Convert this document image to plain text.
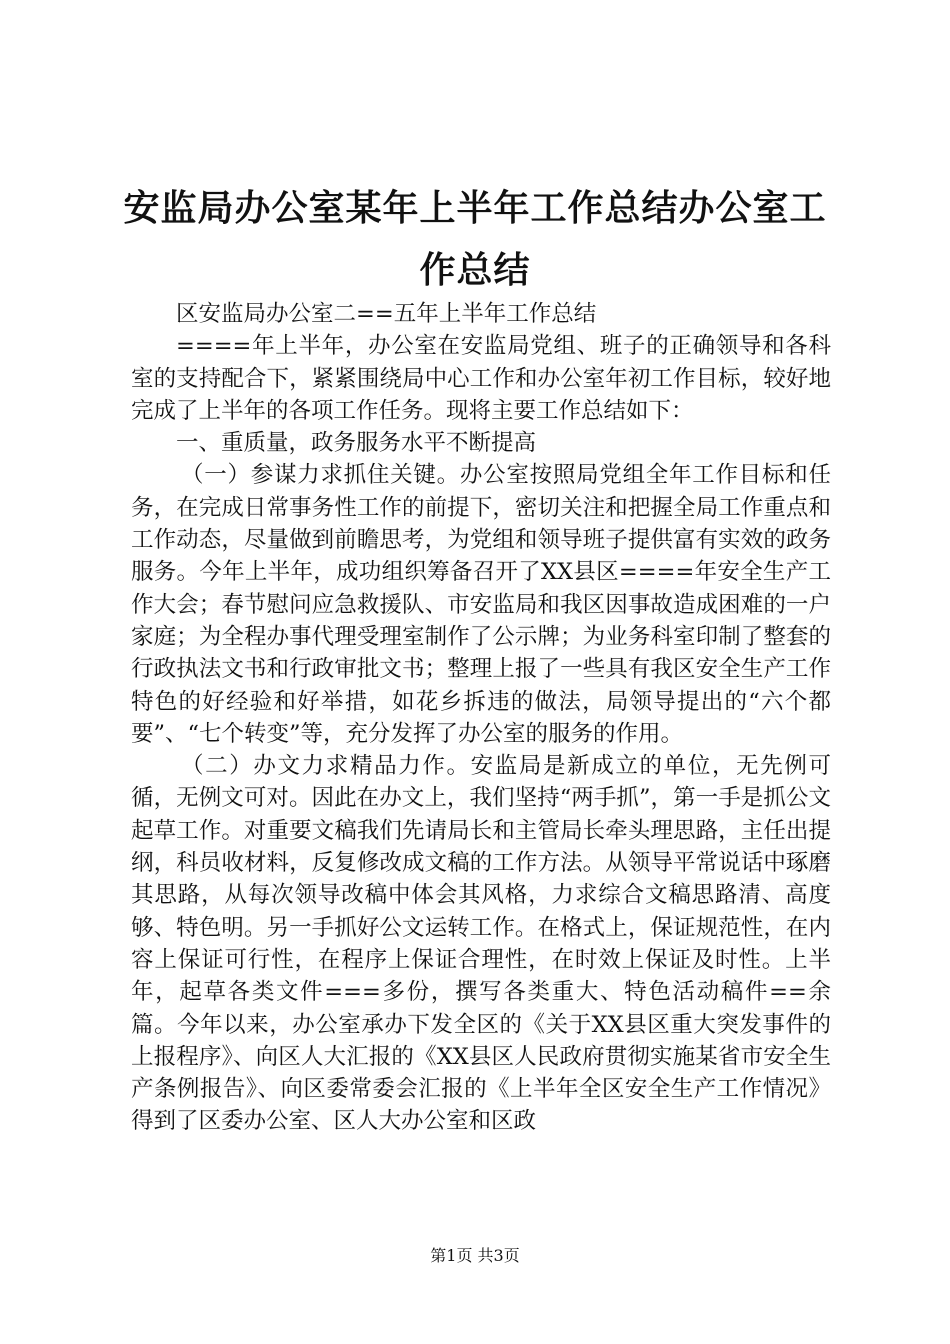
安监局办公室某年上半年工作总结办公室工作总结

区安监局办公室二==五年上半年工作总结

====年上半年，办公室在安监局党组、班子的正确领导和各科室的支持配合下，紧紧围绕局中心工作和办公室年初工作目标，较好地完成了上半年的各项工作任务。现将主要工作总结如下：

一、重质量，政务服务水平不断提高

（一）参谋力求抓住关键。办公室按照局党组全年工作目标和任务，在完成日常事务性工作的前提下，密切关注和把握全局工作重点和工作动态，尽量做到前瞻思考，为党组和领导班子提供富有实效的政务服务。今年上半年，成功组织筹备召开了XX县区====年安全生产工作大会；春节慰问应急救援队、市安监局和我区因事故造成困难的一户家庭；为全程办事代理受理室制作了公示牌；为业务科室印制了整套的行政执法文书和行政审批文书；整理上报了一些具有我区安全生产工作特色的好经验和好举措，如花乡拆违的做法，局领导提出的“六个都要”、“七个转变”等，充分发挥了办公室的服务的作用。

（二）办文力求精品力作。安监局是新成立的单位，无先例可循，无例文可对。因此在办文上，我们坚持“两手抓”，第一手是抓公文起草工作。对重要文稿我们先请局长和主管局长牵头理思路，主任出提纲，科员收材料，反复修改成文稿的工作方法。从领导平常说话中琢磨其思路，从每次领导改稿中体会其风格，力求综合文稿思路清、高度够、特色明。另一手抓好公文运转工作。在格式上，保证规范性，在内容上保证可行性，在程序上保证合理性，在时效上保证及时性。上半年，起草各类文件===多份，撰写各类重大、特色活动稿件==余篇。今年以来，办公室承办下发全区的《关于XX县区重大突发事件的上报程序》、向区人大汇报的《XX县区人民政府贯彻实施某省市安全生产条例报告》、向区委常委会汇报的《上半年全区安全生产工作情况》得到了区委办公室、区人大办公室和区政

第1页 共3页
